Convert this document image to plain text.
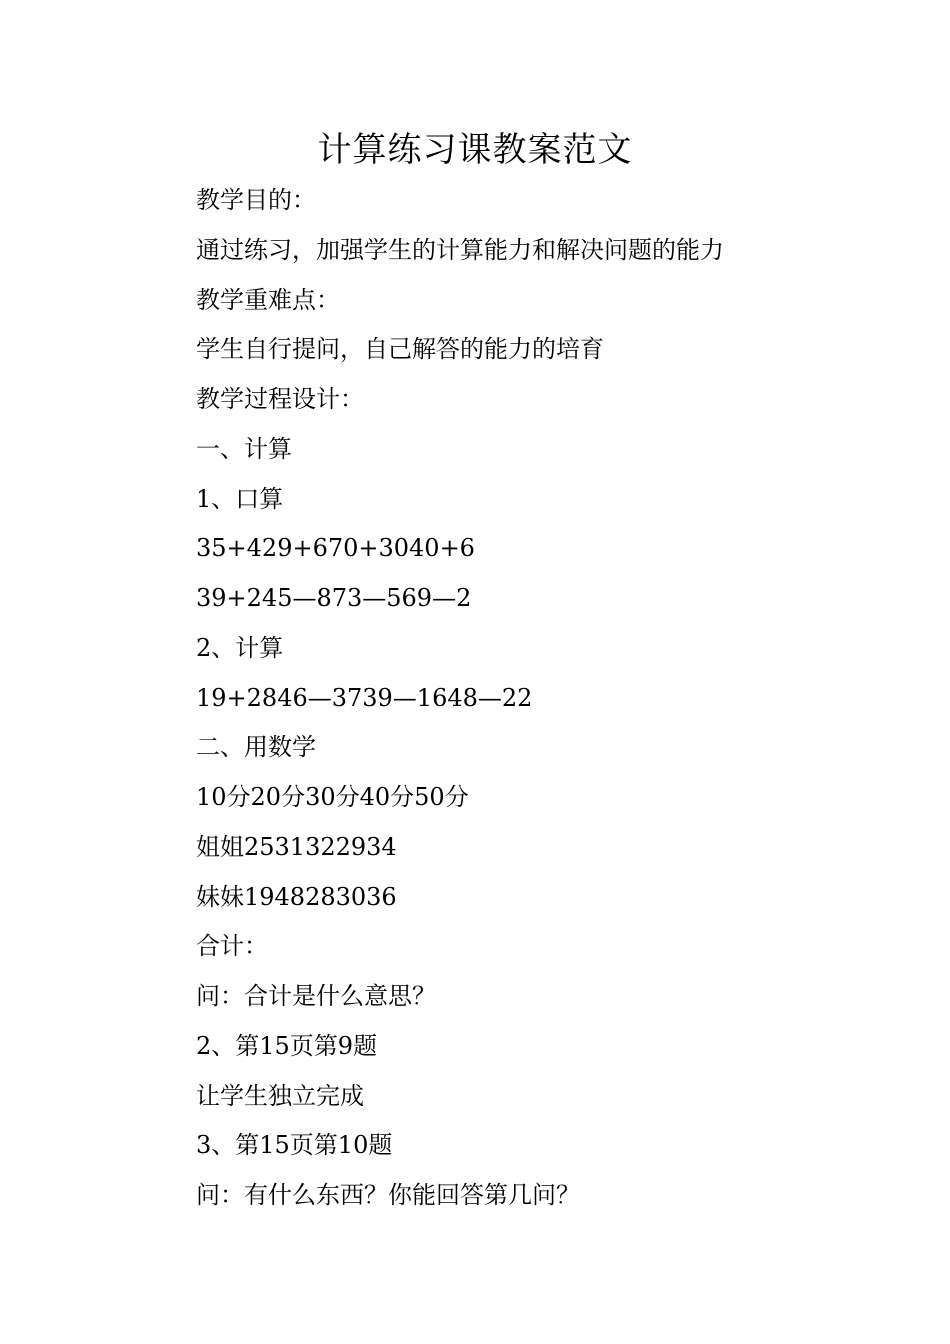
计算练习课教案范文
教学目的：
通过练习，加强学生的计算能力和解决问题的能力
教学重难点：
学生自行提问，自己解答的能力的培育
教学过程设计：
一、计算
1、口算
35+429+670+3040+6
39+245—873—569—2
2、计算
19+2846—3739—1648—22
二、用数学
10分20分30分40分50分
姐姐2531322934
妹妹1948283036
合计：
问：合计是什么意思？
2、第15页第9题
让学生独立完成
3、第15页第10题
问：有什么东西？你能回答第几问？
